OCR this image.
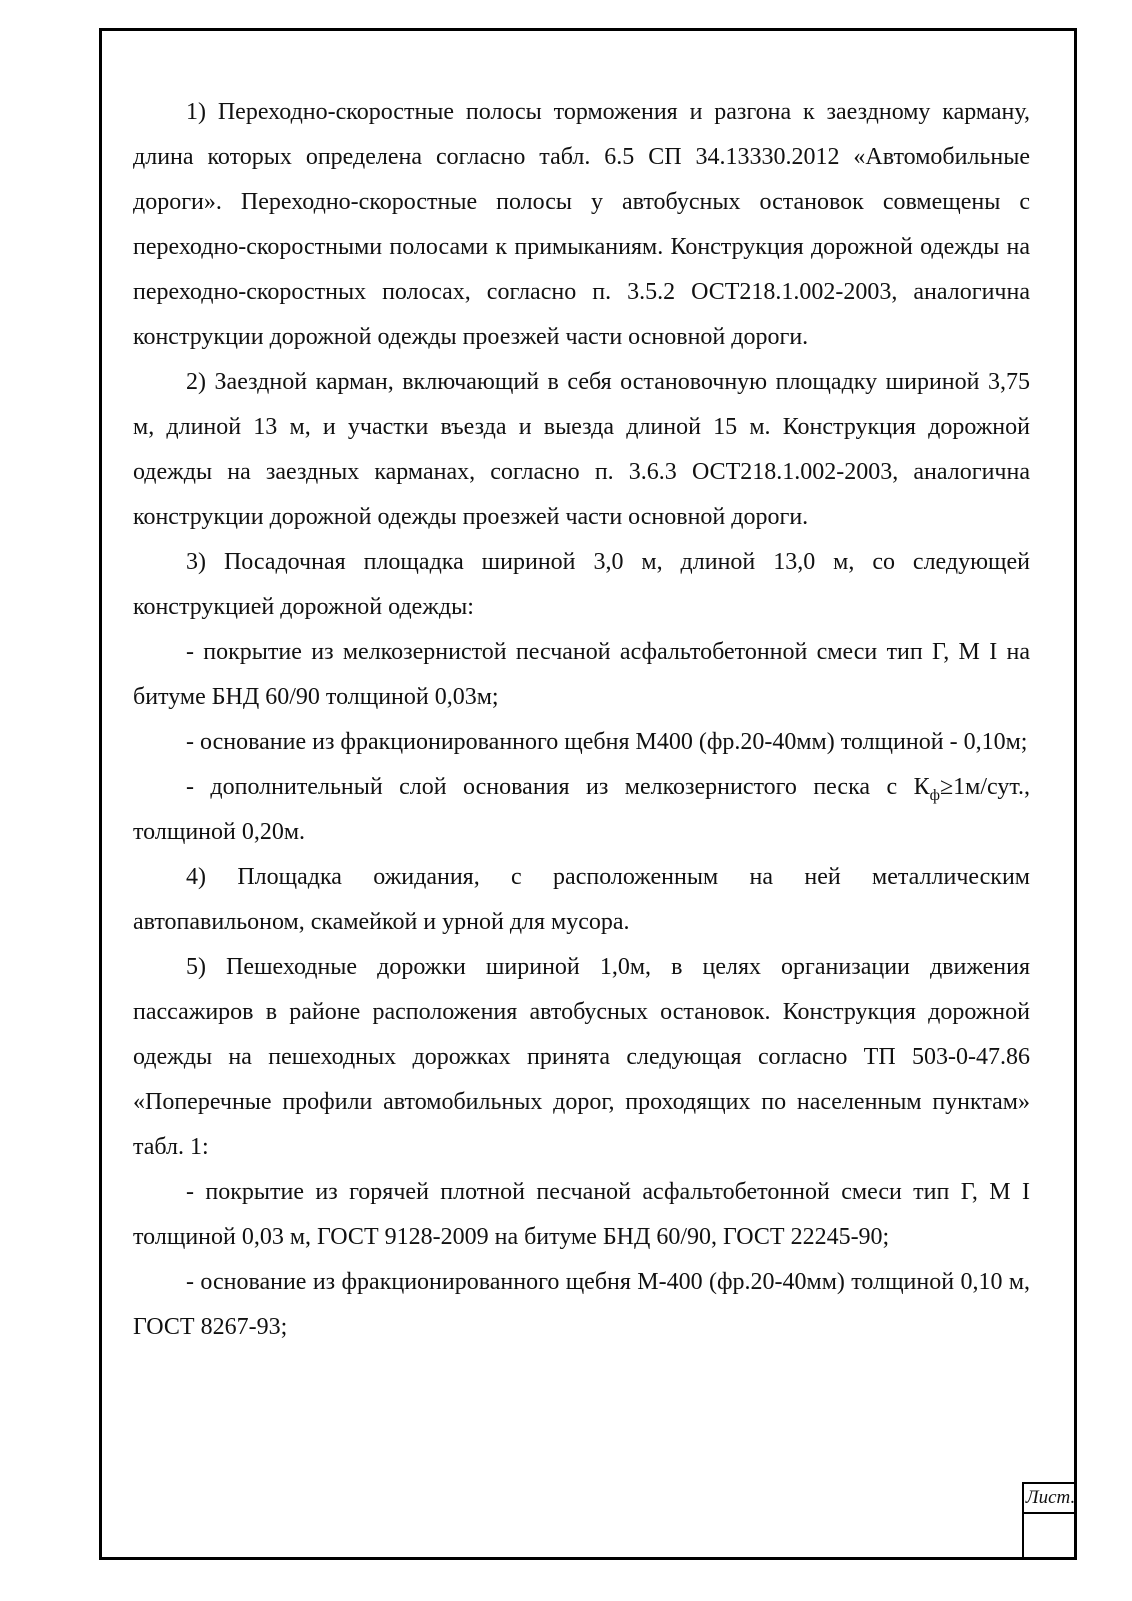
1) Переходно-скоростные полосы торможения и разгона к заездному карману, длина которых определена согласно табл. 6.5 СП 34.13330.2012 «Автомобильные дороги». Переходно-скоростные полосы у автобусных остановок совмещены с переходно-скоростными полосами к примыканиям. Конструкция дорожной одежды на переходно-скоростных полосах, согласно п. 3.5.2 ОСТ218.1.002-2003, аналогична конструкции дорожной одежды проезжей части основной дороги.

2) Заездной карман, включающий в себя остановочную площадку шириной 3,75 м, длиной 13 м, и участки въезда и выезда длиной 15 м. Конструкция дорожной одежды на заездных карманах, согласно п. 3.6.3 ОСТ218.1.002-2003, аналогична конструкции дорожной одежды проезжей части основной дороги.

3) Посадочная площадка шириной 3,0 м, длиной 13,0 м, со следующей конструкцией дорожной одежды:

- покрытие из мелкозернистой песчаной асфальтобетонной смеси тип Г, М I на битуме БНД 60/90 толщиной 0,03м;

- основание из фракционированного щебня М400 (фр.20-40мм) толщиной - 0,10м;

- дополнительный слой основания из мелкозернистого песка с $К_ф\ge 1м$/сут., толщиной 0,20м.

4) Площадка ожидания, с расположенным на ней металлическим автопавильоном, скамейкой и урной для мусора.

5) Пешеходные дорожки шириной 1,0м, в целях организации движения пассажиров в районе расположения автобусных остановок. Конструкция дорожной одежды на пешеходных дорожках принята следующая согласно ТП 503-0-47.86 «Поперечные профили автомобильных дорог, проходящих по населенным пунктам» табл. 1:

- покрытие из горячей плотной песчаной асфальтобетонной смеси тип Г, М I толщиной 0,03 м, ГОСТ 9128-2009 на битуме БНД 60/90, ГОСТ 22245-90;

- основание из фракционированного щебня М-400 (фр.20-40мм) толщиной 0,10 м, ГОСТ 8267-93;

Лист.
